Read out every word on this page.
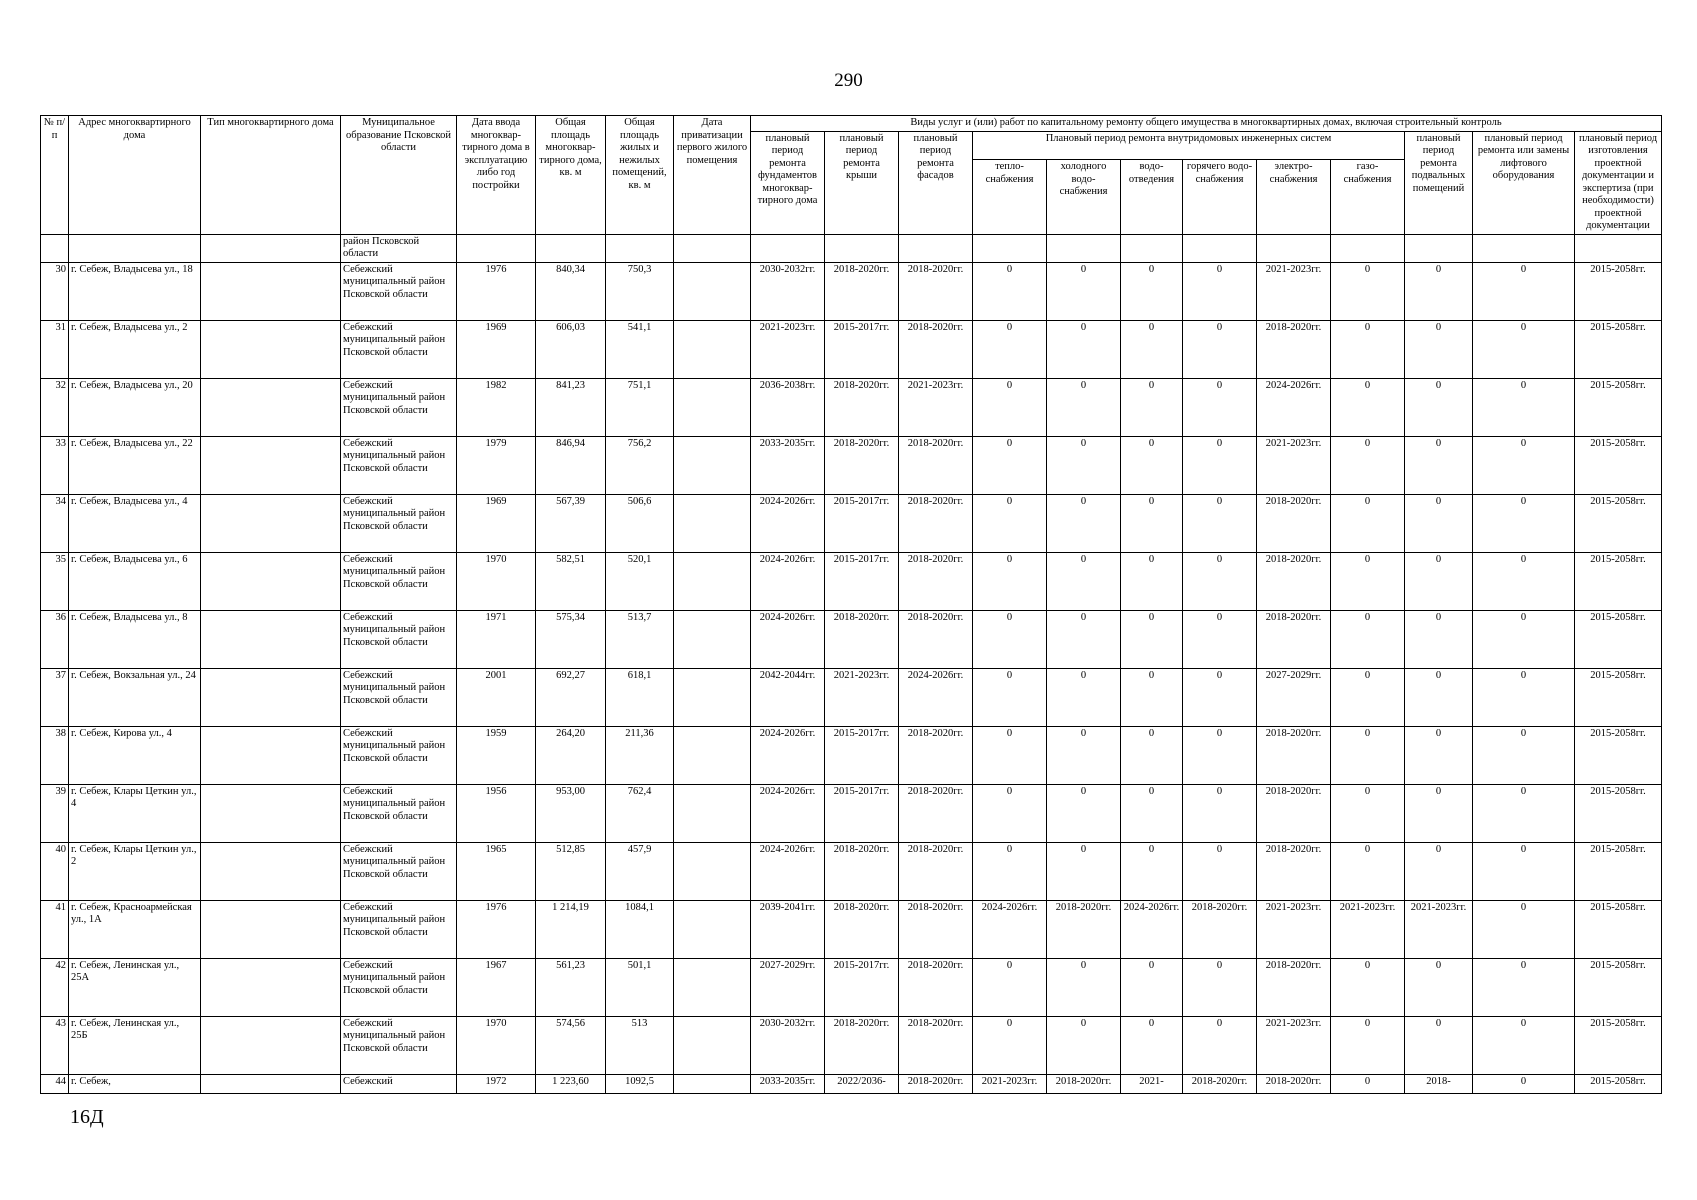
290
№ п/п	Адрес многоквартирного дома	Тип многоквартирного дома	Муниципальное образование Псковской области	Дата ввода многоквар-тирного дома в эксплуатацию либо год постройки	Общая площадь многоквар-тирного дома, кв. м	Общая площадь жилых и нежилых помещений, кв. м	Дата приватизации первого жилого помещения	Виды услуг и (или) работ по капитальному ремонту общего имущества в многоквартирных домах, включая строительный контроль											
								плановый период ремонта фундаментов многоквар-тирного дома	плановый период ремонта крыши	плановый период ремонта фасадов	Плановый период ремонта внутридомовых инженерных систем						плановый период ремонта подвальных помещений	плановый период ремонта или замены лифтового оборудования	плановый период изготовления проектной документации и экспертиза (при необходимости) проектной документации
											тепло-снабжения	холодного водо-снабжения	водо-отведения	горячего водо-снабжения	электро-снабжения	газо-снабжения			
			район Псковской области																
30	г. Себеж, Владысева ул., 18		Себежский муниципальный район Псковской области	1976	840,34	750,3		2030-2032гг.	2018-2020гг.	2018-2020гг.	0	0	0	0	2021-2023гг.	0	0	0	2015-2058гг.
31	г. Себеж, Владысева ул., 2		Себежский муниципальный район Псковской области	1969	606,03	541,1		2021-2023гг.	2015-2017гг.	2018-2020гг.	0	0	0	0	2018-2020гг.	0	0	0	2015-2058гг.
32	г. Себеж, Владысева ул., 20		Себежский муниципальный район Псковской области	1982	841,23	751,1		2036-2038гг.	2018-2020гг.	2021-2023гг.	0	0	0	0	2024-2026гг.	0	0	0	2015-2058гг.
33	г. Себеж, Владысева ул., 22		Себежский муниципальный район Псковской области	1979	846,94	756,2		2033-2035гг.	2018-2020гг.	2018-2020гг.	0	0	0	0	2021-2023гг.	0	0	0	2015-2058гг.
34	г. Себеж, Владысева ул., 4		Себежский муниципальный район Псковской области	1969	567,39	506,6		2024-2026гг.	2015-2017гг.	2018-2020гг.	0	0	0	0	2018-2020гг.	0	0	0	2015-2058гг.
35	г. Себеж, Владысева ул., 6		Себежский муниципальный район Псковской области	1970	582,51	520,1		2024-2026гг.	2015-2017гг.	2018-2020гг.	0	0	0	0	2018-2020гг.	0	0	0	2015-2058гг.
36	г. Себеж, Владысева ул., 8		Себежский муниципальный район Псковской области	1971	575,34	513,7		2024-2026гг.	2018-2020гг.	2018-2020гг.	0	0	0	0	2018-2020гг.	0	0	0	2015-2058гг.
37	г. Себеж, Вокзальная ул., 24		Себежский муниципальный район Псковской области	2001	692,27	618,1		2042-2044гг.	2021-2023гг.	2024-2026гг.	0	0	0	0	2027-2029гг.	0	0	0	2015-2058гг.
38	г. Себеж, Кирова ул., 4		Себежский муниципальный район Псковской области	1959	264,20	211,36		2024-2026гг.	2015-2017гг.	2018-2020гг.	0	0	0	0	2018-2020гг.	0	0	0	2015-2058гг.
39	г. Себеж, Клары Цеткин ул., 4		Себежский муниципальный район Псковской области	1956	953,00	762,4		2024-2026гг.	2015-2017гг.	2018-2020гг.	0	0	0	0	2018-2020гг.	0	0	0	2015-2058гг.
40	г. Себеж, Клары Цеткин ул., 2		Себежский муниципальный район Псковской области	1965	512,85	457,9		2024-2026гг.	2018-2020гг.	2018-2020гг.	0	0	0	0	2018-2020гг.	0	0	0	2015-2058гг.
41	г. Себеж, Красноармейская ул., 1А		Себежский муниципальный район Псковской области	1976	1 214,19	1084,1		2039-2041гг.	2018-2020гг.	2018-2020гг.	2024-2026гг.	2018-2020гг.	2024-2026гг.	2018-2020гг.	2021-2023гг.	2021-2023гг.	2021-2023гг.	0	2015-2058гг.
42	г. Себеж, Ленинская ул., 25А		Себежский муниципальный район Псковской области	1967	561,23	501,1		2027-2029гг.	2015-2017гг.	2018-2020гг.	0	0	0	0	2018-2020гг.	0	0	0	2015-2058гг.
43	г. Себеж, Ленинская ул., 25Б		Себежский муниципальный район Псковской области	1970	574,56	513		2030-2032гг.	2018-2020гг.	2018-2020гг.	0	0	0	0	2021-2023гг.	0	0	0	2015-2058гг.
44	г. Себеж,		Себежский	1972	1 223,60	1092,5		2033-2035гг.	2022/2036-	2018-2020гг.	2021-2023гг.	2018-2020гг.	2021-	2018-2020гг.	2018-2020гг.	0	2018-	0	2015-2058гг.
16Д
